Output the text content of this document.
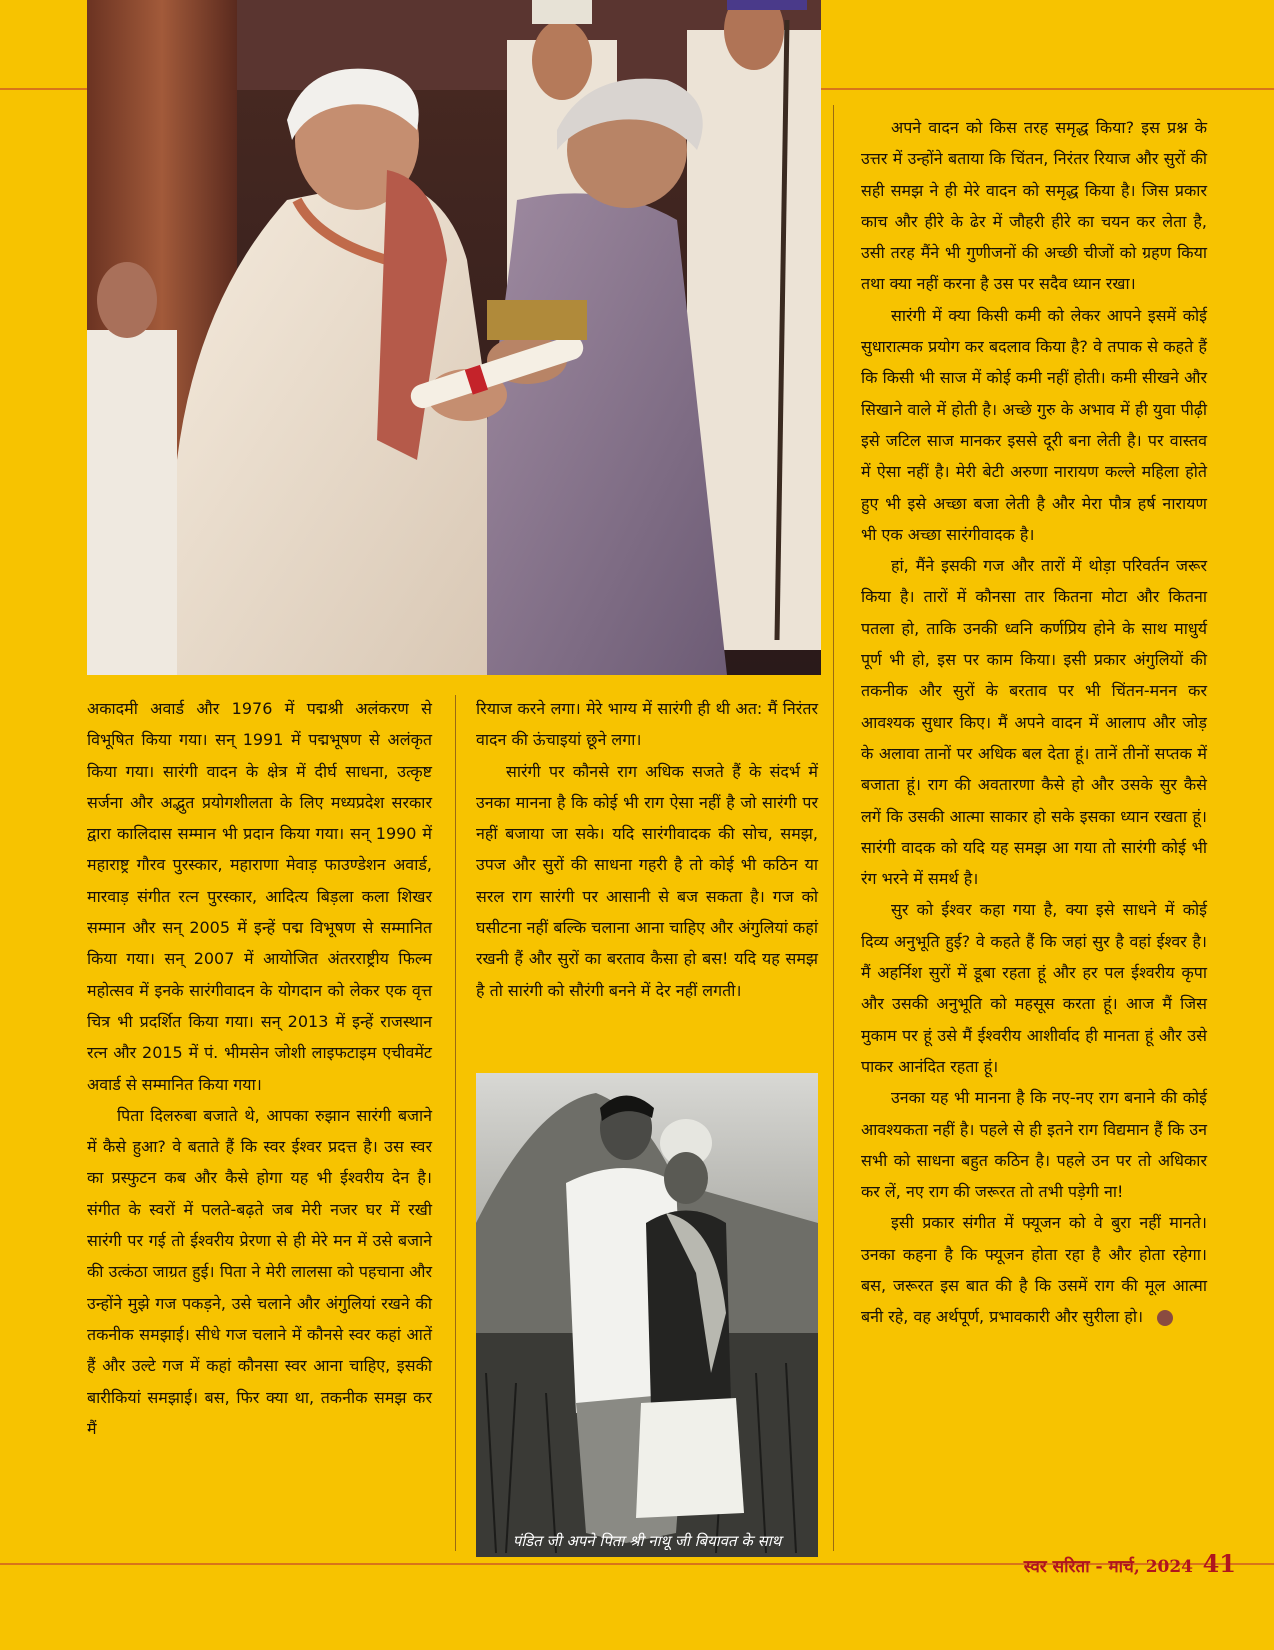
पंडित जी अपने पिता श्री नाथू जी बियावत के साथ

अकादमी अवार्ड और 1976 में पद्मश्री अलंकरण से विभूषित किया गया। सन् 1991 में पद्मभूषण से अलंकृत किया गया। सारंगी वादन के क्षेत्र में दीर्घ साधना, उत्कृष्ट सर्जना और अद्भुत प्रयोगशीलता के लिए मध्यप्रदेश सरकार द्वारा कालिदास सम्मान भी प्रदान किया गया। सन् 1990 में महाराष्ट्र गौरव पुरस्कार, महाराणा मेवाड़ फाउण्डेशन अवार्ड, मारवाड़ संगीत रत्न पुरस्कार, आदित्य बिड़ला कला शिखर सम्मान और सन् 2005 में इन्हें पद्म विभूषण से सम्मानित किया गया। सन् 2007 में आयोजित अंतरराष्ट्रीय फिल्म महोत्सव में इनके सारंगीवादन के योगदान को लेकर एक वृत्त चित्र भी प्रदर्शित किया गया। सन् 2013 में इन्हें राजस्थान रत्न और 2015 में पं. भीमसेन जोशी लाइफटाइम एचीवमेंट अवार्ड से सम्मानित किया गया।

पिता दिलरुबा बजाते थे, आपका रुझान सारंगी बजाने में कैसे हुआ? वे बताते हैं कि स्वर ईश्वर प्रदत्त है। उस स्वर का प्रस्फुटन कब और कैसे होगा यह भी ईश्वरीय देन है। संगीत के स्वरों में पलते-बढ़ते जब मेरी नजर घर में रखी सारंगी पर गई तो ईश्वरीय प्रेरणा से ही मेरे मन में उसे बजाने की उत्कंठा जाग्रत हुई। पिता ने मेरी लालसा को पहचाना और उन्होंने मुझे गज पकड़ने, उसे चलाने और अंगुलियां रखने की तकनीक समझाई। सीधे गज चलाने में कौनसे स्वर कहां आतें हैं और उल्टे गज में कहां कौनसा स्वर आना चाहिए, इसकी बारीकियां समझाई। बस, फिर क्या था, तकनीक समझ कर मैं

रियाज करने लगा। मेरे भाग्य में सारंगी ही थी अत: मैं निरंतर वादन की ऊंचाइयां छूने लगा।

सारंगी पर कौनसे राग अधिक सजते हैं के संदर्भ में उनका मानना है कि कोई भी राग ऐसा नहीं है जो सारंगी पर नहीं बजाया जा सके। यदि सारंगीवादक की सोच, समझ, उपज और सुरों की साधना गहरी है तो कोई भी कठिन या सरल राग सारंगी पर आसानी से बज सकता है। गज को घसीटना नहीं बल्कि चलाना आना चाहिए और अंगुलियां कहां रखनी हैं और सुरों का बरताव कैसा हो बस! यदि यह समझ है तो सारंगी को सौरंगी बनने में देर नहीं लगती।

अपने वादन को किस तरह समृद्ध किया? इस प्रश्न के उत्तर में उन्होंने बताया कि चिंतन, निरंतर रियाज और सुरों की सही समझ ने ही मेरे वादन को समृद्ध किया है। जिस प्रकार काच और हीरे के ढेर में जौहरी हीरे का चयन कर लेता है, उसी तरह मैंने भी गुणीजनों की अच्छी चीजों को ग्रहण किया तथा क्या नहीं करना है उस पर सदैव ध्यान रखा।

सारंगी में क्या किसी कमी को लेकर आपने इसमें कोई सुधारात्मक प्रयोग कर बदलाव किया है? वे तपाक से कहते हैं कि किसी भी साज में कोई कमी नहीं होती। कमी सीखने और सिखाने वाले में होती है। अच्छे गुरु के अभाव में ही युवा पीढ़ी इसे जटिल साज मानकर इससे दूरी बना लेती है। पर वास्तव में ऐसा नहीं है। मेरी बेटी अरुणा नारायण कल्ले महिला होते हुए भी इसे अच्छा बजा लेती है और मेरा पौत्र हर्ष नारायण भी एक अच्छा सारंगीवादक है।

हां, मैंने इसकी गज और तारों में थोड़ा परिवर्तन जरूर किया है। तारों में कौनसा तार कितना मोटा और कितना पतला हो, ताकि उनकी ध्वनि कर्णप्रिय होने के साथ माधुर्य पूर्ण भी हो, इस पर काम किया। इसी प्रकार अंगुलियों की तकनीक और सुरों के बरताव पर भी चिंतन-मनन कर आवश्यक सुधार किए। मैं अपने वादन में आलाप और जोड़ के अलावा तानों पर अधिक बल देता हूं। तानें तीनों सप्तक में बजाता हूं। राग की अवतारणा कैसे हो और उसके सुर कैसे लगें कि उसकी आत्मा साकार हो सके इसका ध्यान रखता हूं। सारंगी वादक को यदि यह समझ आ गया तो सारंगी कोई भी रंग भरने में समर्थ है।

सुर को ईश्वर कहा गया है, क्या इसे साधने में कोई दिव्य अनुभूति हुई? वे कहते हैं कि जहां सुर है वहां ईश्वर है। मैं अहर्निश सुरों में डूबा रहता हूं और हर पल ईश्वरीय कृपा और उसकी अनुभूति को महसूस करता हूं। आज मैं जिस मुकाम पर हूं उसे मैं ईश्वरीय आशीर्वाद ही मानता हूं और उसे पाकर आनंदित रहता हूं।

उनका यह भी मानना है कि नए-नए राग बनाने की कोई आवश्यकता नहीं है। पहले से ही इतने राग विद्यमान हैं कि उन सभी को साधना बहुत कठिन है। पहले उन पर तो अधिकार कर लें, नए राग की जरूरत तो तभी पड़ेगी ना!

इसी प्रकार संगीत में फ्यूजन को वे बुरा नहीं मानते। उनका कहना है कि फ्यूजन होता रहा है और होता रहेगा। बस, जरूरत इस बात की है कि उसमें राग की मूल आत्मा बनी रहे, वह अर्थपूर्ण, प्रभावकारी और सुरीला हो।

स्वर सरिता - मार्च, 2024 41
